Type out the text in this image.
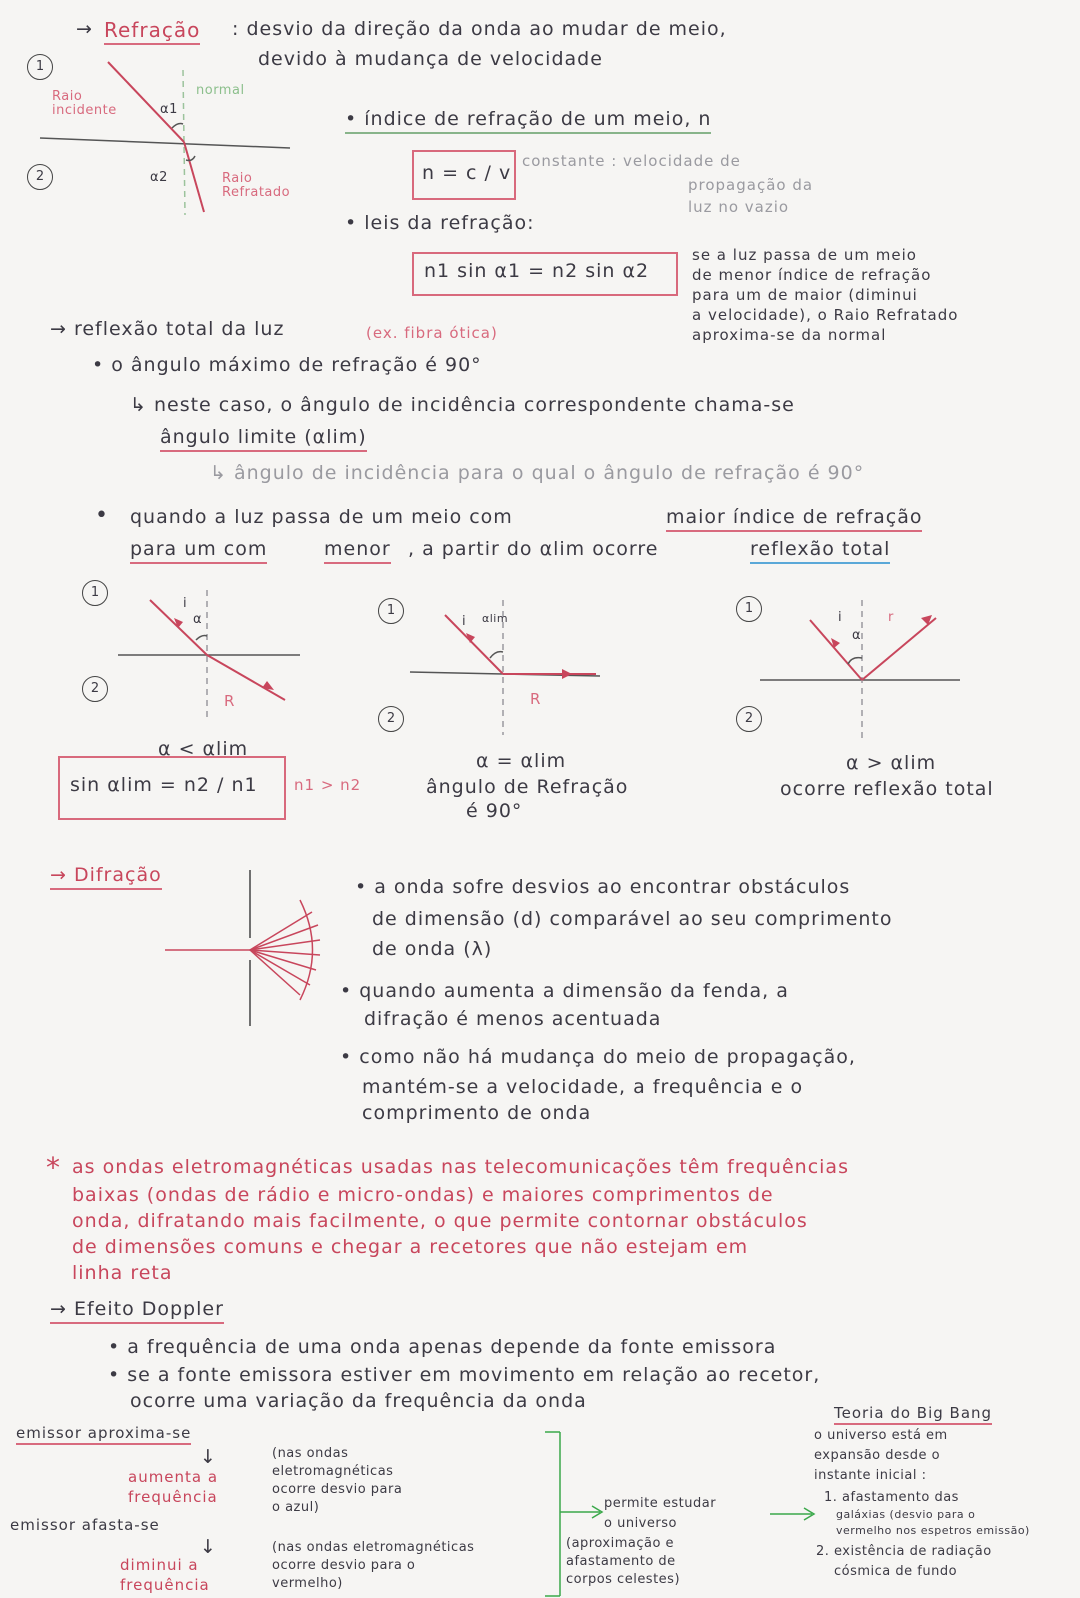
→ Refração : desvio da direção da onda ao mudar de meio,
devido à mudança de velocidade
1
2
Raio
incidente
normal
α1
α2	Raio
Refratado
• índice de refração de um meio, n
n = c / v
constante : velocidade de
propagação da
luz no vazio
• leis da refração:
n1 sin α1 = n2 sin α2
se a luz passa de um meio
de menor índice de refração
para um de maior (diminui
a velocidade), o Raio Refratado
aproxima-se da normal
→ reflexão total da luz	(ex. fibra ótica)
• o ângulo máximo de refração é 90°
↳ neste caso, o ângulo de incidência correspondente chama-se
ângulo limite (αlim)
↳ ângulo de incidência para o qual o ângulo de refração é 90°
• quando a luz passa de um meio com	maior índice de refração
para um com	menor , a partir do αlim ocorre	reflexão total
1
2
1
2
1
2
i
α
R
i αlim
R
i
α
r
α < αlim
sin αlim = n2 / n1 n1 > n2
α = αlim
ângulo de Refração
é 90°
α > αlim
ocorre reflexão total
→ Difração
• a onda sofre desvios ao encontrar obstáculos
de dimensão (d) comparável ao seu comprimento
de onda (λ)
• quando aumenta a dimensão da fenda, a
difração é menos acentuada
• como não há mudança do meio de propagação,
mantém-se a velocidade, a frequência e o
comprimento de onda
* as ondas eletromagnéticas usadas nas telecomunicações têm frequências
baixas (ondas de rádio e micro-ondas) e maiores comprimentos de
onda, difratando mais facilmente, o que permite contornar obstáculos
de dimensões comuns e chegar a recetores que não estejam em
linha reta
→ Efeito Doppler
• a frequência de uma onda apenas depende da fonte emissora
• se a fonte emissora estiver em movimento em relação ao recetor,
ocorre uma variação da frequência da onda
emissor aproxima-se
↓
aumenta a
frequência
(nas ondas
eletromagnéticas
ocorre desvio para
o azul)
emissor afasta-se
↓
diminui a
frequência
(nas ondas eletromagnéticas
ocorre desvio para o
vermelho)
permite estudar
o universo
(aproximação e
afastamento de
corpos celestes)
Teoria do Big Bang
o universo está em
expansão desde o
instante inicial :
1. afastamento das
galáxias (desvio para o
vermelho nos espetros emissão)
2. existência de radiação
cósmica de fundo
